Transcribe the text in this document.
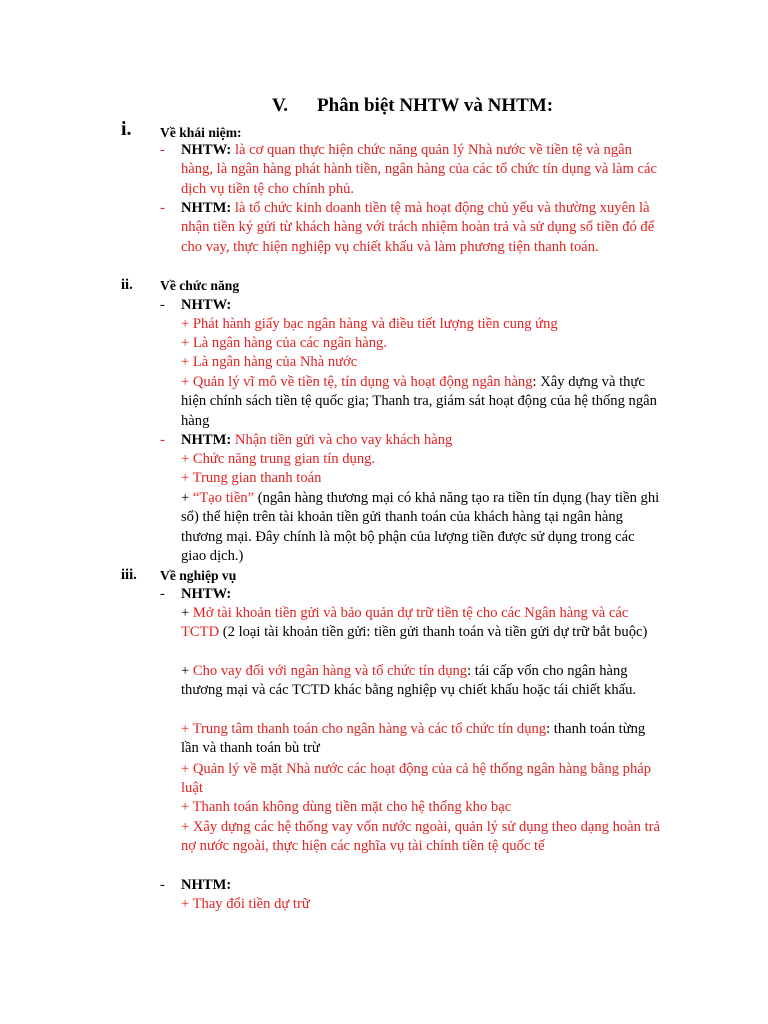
V. Phân biệt NHTW và NHTM:
i. Về khái niệm:
- NHTW: là cơ quan thực hiện chức năng quản lý Nhà nước về tiền tệ và ngân hàng, là ngân hàng phát hành tiền, ngân hàng của các tổ chức tín dụng và làm các dịch vụ tiền tệ cho chính phủ.
- NHTM: là tổ chức kinh doanh tiền tệ mà hoạt động chủ yếu và thường xuyên là nhận tiền ký gửi từ khách hàng với trách nhiệm hoàn trả và sử dụng số tiền đó để cho vay, thực hiện nghiệp vụ chiết khấu và làm phương tiện thanh toán.
ii. Về chức năng
- NHTW:
+ Phát hành giấy bạc ngân hàng và điều tiết lượng tiền cung ứng
+ Là ngân hàng của các ngân hàng.
+ Là ngân hàng của Nhà nước
+ Quản lý vĩ mô về tiền tệ, tín dụng và hoạt động ngân hàng: Xây dựng và thực hiện chính sách tiền tệ quốc gia; Thanh tra, giám sát hoạt động của hệ thống ngân hàng
- NHTM: Nhận tiền gửi và cho vay khách hàng
+ Chức năng trung gian tín dụng.
+ Trung gian thanh toán
+ “Tạo tiền” (ngân hàng thương mại có khả năng tạo ra tiền tín dụng (hay tiền ghi sổ) thể hiện trên tài khoản tiền gửi thanh toán của khách hàng tại ngân hàng thương mại. Đây chính là một bộ phận của lượng tiền được sử dụng trong các giao dịch.)
iii. Về nghiệp vụ
- NHTW:
+ Mở tài khoản tiền gửi và bảo quản dự trữ tiền tệ cho các Ngân hàng và các TCTD (2 loại tài khoản tiền gửi: tiền gửi thanh toán và tiền gửi dự trữ bắt buộc)
+ Cho vay đối với ngân hàng và tổ chức tín dụng: tái cấp vốn cho ngân hàng thương mại và các TCTD khác bằng nghiệp vụ chiết khấu hoặc tái chiết khấu.
+ Trung tâm thanh toán cho ngân hàng và các tổ chức tín dụng: thanh toán từng lần và thanh toán bù trừ
+ Quản lý về mặt Nhà nước các hoạt động của cả hệ thống ngân hàng bằng pháp luật
+ Thanh toán không dùng tiền mặt cho hệ thống kho bạc
+ Xây dựng các hệ thống vay vốn nước ngoài, quản lý sử dụng theo dạng hoàn trả nợ nước ngoài, thực hiện các nghĩa vụ tài chính tiền tệ quốc tế
- NHTM:
+ Thay đổi tiền dự trữ
